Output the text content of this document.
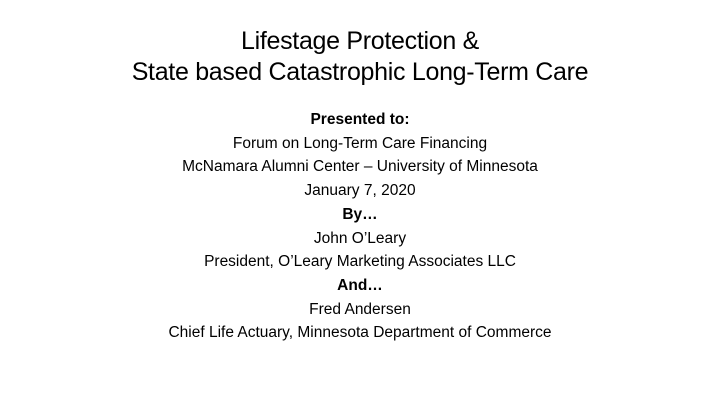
Lifestage Protection &
State based Catastrophic Long-Term Care
Presented to:
Forum on Long-Term Care Financing
McNamara Alumni Center – University of Minnesota
January 7, 2020
By…
John O’Leary
President, O’Leary Marketing Associates LLC
And…
Fred Andersen
Chief Life Actuary, Minnesota Department of Commerce
